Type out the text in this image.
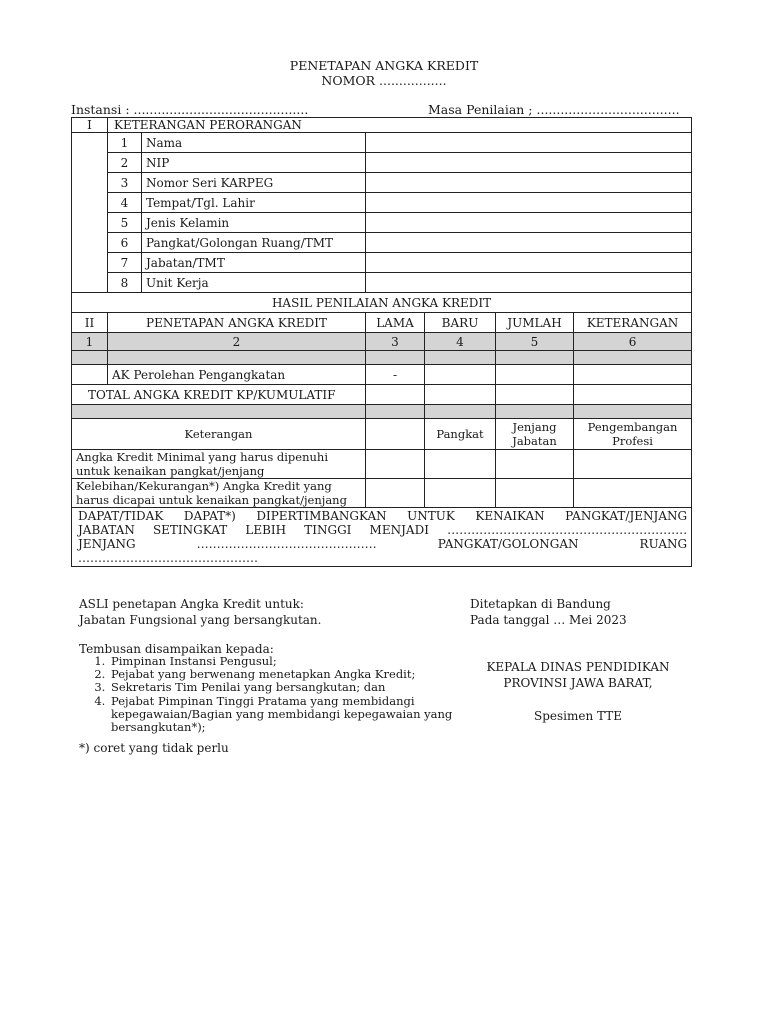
PENETAPAN ANGKA KREDIT
NOMOR .................
Instansi : ............................................	Masa Penilaian ; ....................................
I	KETERANGAN PERORANGAN					
	1	Nama				
	2	NIP				
	3	Nomor Seri KARPEG				
	4	Tempat/Tgl. Lahir				
	5	Jenis Kelamin				
	6	Pangkat/Golongan Ruang/TMT				
	7	Jabatan/TMT				
	8	Unit Kerja				
HASIL PENILAIAN ANGKA KREDIT						
II	PENETAPAN ANGKA KREDIT		LAMA	BARU	JUMLAH	KETERANGAN
1	2		3	4	5	6

	AK Perolehan Pengangkatan		-			
TOTAL ANGKA KREDIT KP/KUMULATIF						

Keterangan				Pangkat	Jenjang Jabatan	Pengembangan Profesi
Angka Kredit Minimal yang harus dipenuhi untuk kenaikan pangkat/jenjang						
Kelebihan/Kekurangan*) Angka Kredit yang harus dicapai untuk kenaikan pangkat/jenjang						

DAPAT/TIDAK DAPAT*) DIPERTIMBANGKAN UNTUK KENAIKAN PANGKAT/JENJANG
JABATAN SETINGKAT LEBIH TINGGI MENJADI ……………………………………………………
JENJANG ……………………………………… PANGKAT/GOLONGAN RUANG
………………………………………						
ASLI penetapan Angka Kredit untuk:
Jabatan Fungsional yang bersangkutan.
Ditetapkan di Bandung
Pada tanggal … Mei 2023
Tembusan disampaikan kepada:
1. Pimpinan Instansi Pengusul;
2. Pejabat yang berwenang menetapkan Angka Kredit;
3. Sekretaris Tim Penilai yang bersangkutan; dan
4. Pejabat Pimpinan Tinggi Pratama yang membidangi kepegawaian/Bagian yang membidangi kepegawaian yang bersangkutan*);
*) coret yang tidak perlu
KEPALA DINAS PENDIDIKAN
PROVINSI JAWA BARAT,
Spesimen TTE
